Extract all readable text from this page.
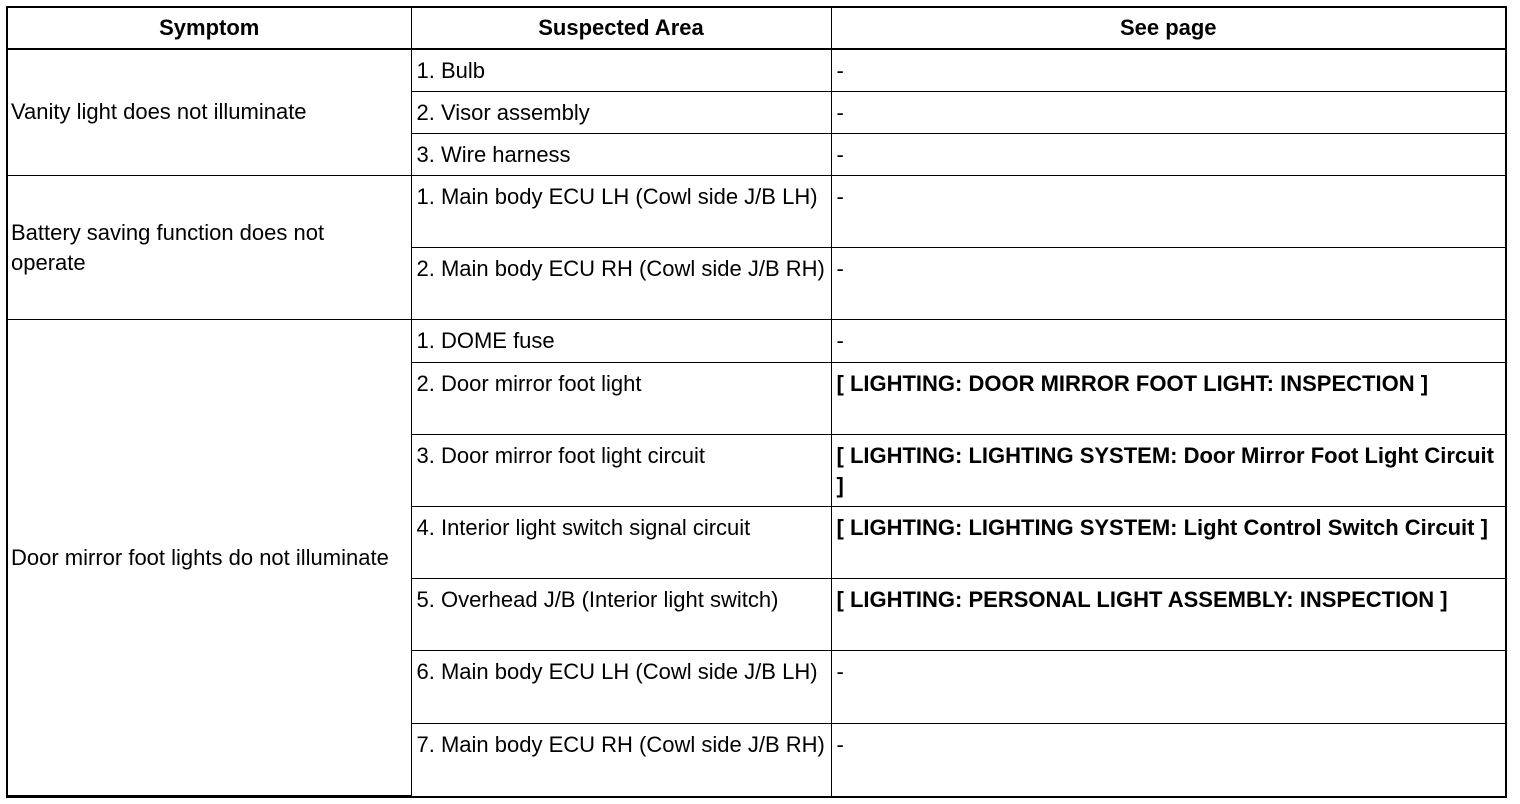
Symptom	Suspected Area	See page
Vanity light does not illuminate	1. Bulb	-
	2. Visor assembly	-
	3. Wire harness	-
Battery saving function does not operate	1. Main body ECU LH (Cowl side J/B LH)	-
	2. Main body ECU RH (Cowl side J/B RH)	-
Door mirror foot lights do not illuminate	1. DOME fuse	-
	2. Door mirror foot light	[ LIGHTING: DOOR MIRROR FOOT LIGHT: INSPECTION ]
	3. Door mirror foot light circuit	[ LIGHTING: LIGHTING SYSTEM: Door Mirror Foot Light Circuit ]
	4. Interior light switch signal circuit	[ LIGHTING: LIGHTING SYSTEM: Light Control Switch Circuit ]
	5. Overhead J/B (Interior light switch)	[ LIGHTING: PERSONAL LIGHT ASSEMBLY: INSPECTION ]
	6. Main body ECU LH (Cowl side J/B LH)	-
	7. Main body ECU RH (Cowl side J/B RH)	-
